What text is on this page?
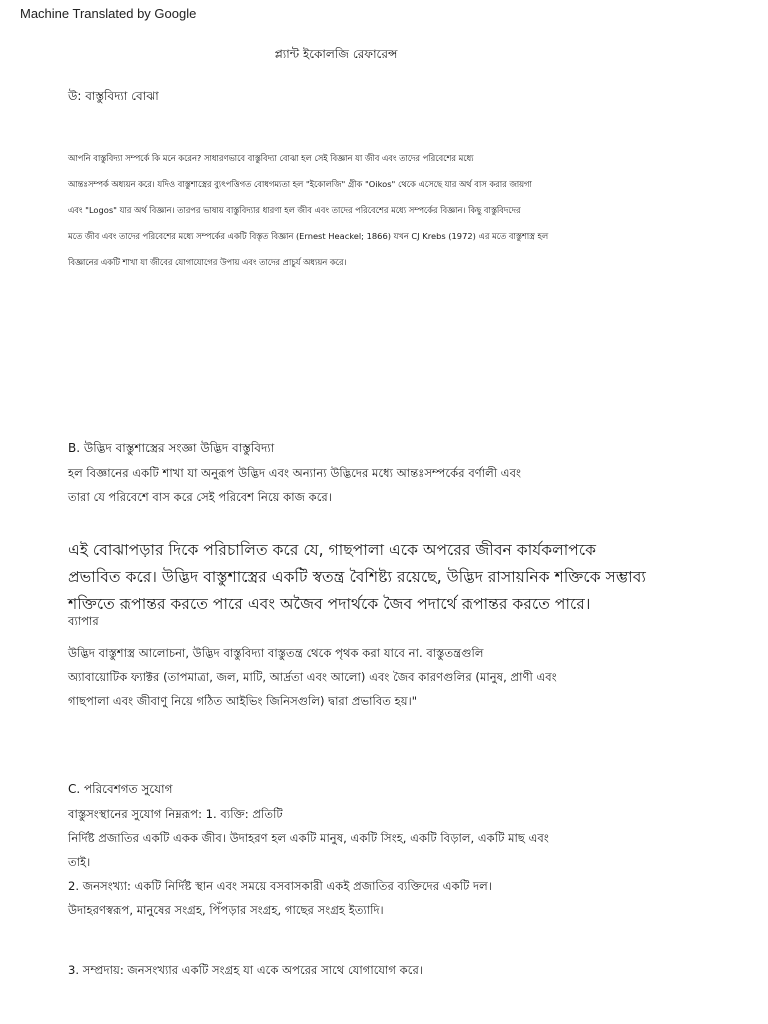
Machine Translated by Google
প্ল্যান্ট ইকোলজি রেফারেন্স
উ: বাস্তুবিদ্যা বোঝা

আপনি বাস্তুবিদ্যা সম্পর্কে কি মনে করেন? সাধারণভাবে বাস্তুবিদ্যা বোঝা হল সেই বিজ্ঞান যা জীব এবং তাদের পরিবেশের মধ্যে
আন্তঃসম্পর্ক অধ্যয়ন করে। যদিও বাস্তুশাস্ত্রের ব্যুৎপত্তিগত বোধগম্যতা হল "ইকোলজি" গ্রীক "Oikos" থেকে এসেছে যার অর্থ বাস করার জায়গা
এবং "Logos" যার অর্থ বিজ্ঞান। তারপর ভাষায় বাস্তুবিদ্যার ধারণা হল জীব এবং তাদের পরিবেশের মধ্যে সম্পর্কের বিজ্ঞান। কিছু বাস্তুবিদদের
মতে জীব এবং তাদের পরিবেশের মধ্যে সম্পর্কের একটি বিস্তৃত বিজ্ঞান (Ernest Heackel; 1866) যখন CJ Krebs (1972) এর মতে বাস্তুশাস্ত্র হল
বিজ্ঞানের একটি শাখা যা জীবের যোগাযোগের উপায় এবং তাদের প্রাচুর্য অধ্যয়ন করে।

B. উদ্ভিদ বাস্তুশাস্ত্রের সংজ্ঞা উদ্ভিদ বাস্তুবিদ্যা

হল বিজ্ঞানের একটি শাখা যা অনুরূপ উদ্ভিদ এবং অন্যান্য উদ্ভিদের মধ্যে আন্তঃসম্পর্কের বর্ণালী এবং
তারা যে পরিবেশে বাস করে সেই পরিবেশ নিয়ে কাজ করে।

এই বোঝাপড়ার দিকে পরিচালিত করে যে, গাছপালা একে অপরের জীবন কার্যকলাপকে
প্রভাবিত করে। উদ্ভিদ বাস্তুশাস্ত্রের একটি স্বতন্ত্র বৈশিষ্ট্য রয়েছে, উদ্ভিদ রাসায়নিক শক্তিকে সম্ভাব্য
শক্তিতে রূপান্তর করতে পারে এবং অজৈব পদার্থকে জৈব পদার্থে রূপান্তর করতে পারে।

ব্যাপার

উদ্ভিদ বাস্তুশাস্ত্র আলোচনা, উদ্ভিদ বাস্তুবিদ্যা বাস্তুতন্ত্র থেকে পৃথক করা যাবে না. বাস্তুতন্ত্রগুলি
অ্যাবায়োটিক ফ্যাক্টর (তাপমাত্রা, জল, মাটি, আর্দ্রতা এবং আলো) এবং জৈব কারণগুলির (মানুষ, প্রাণী এবং
গাছপালা এবং জীবাণু নিয়ে গঠিত আইভিং জিনিসগুলি) দ্বারা প্রভাবিত হয়।"

C. পরিবেশগত সুযোগ

বাস্তুসংস্থানের সুযোগ নিম্নরূপ: 1. ব্যক্তি: প্রতিটি
নির্দিষ্ট প্রজাতির একটি একক জীব। উদাহরণ হল একটি মানুষ, একটি সিংহ, একটি বিড়াল, একটি মাছ এবং
তাই।
2. জনসংখ্যা: একটি নির্দিষ্ট স্থান এবং সময়ে বসবাসকারী একই প্রজাতির ব্যক্তিদের একটি দল।
উদাহরণস্বরূপ, মানুষের সংগ্রহ, পিঁপড়ার সংগ্রহ, গাছের সংগ্রহ ইত্যাদি।

3. সম্প্রদায়: জনসংখ্যার একটি সংগ্রহ যা একে অপরের সাথে যোগাযোগ করে।
